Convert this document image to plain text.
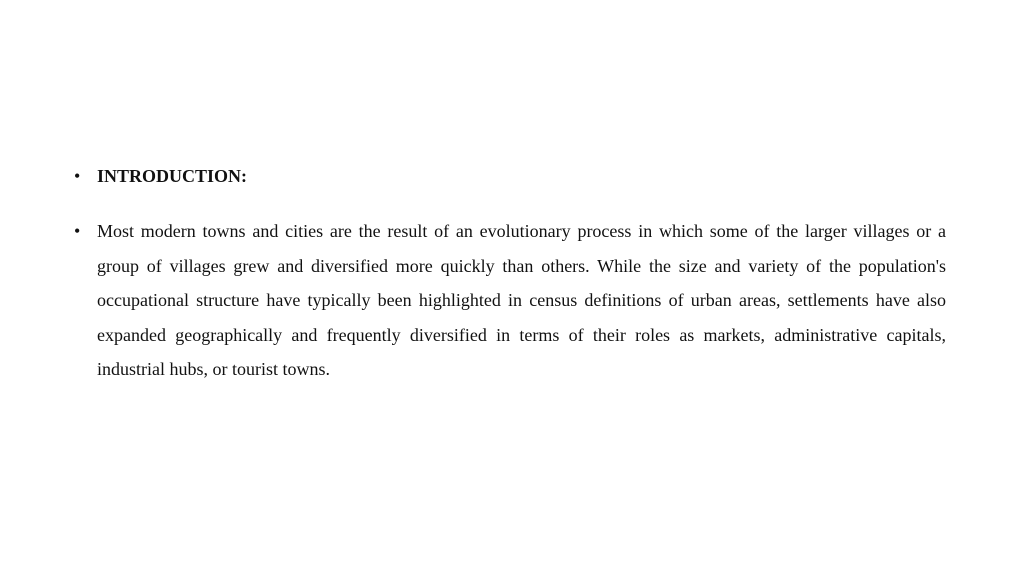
• INTRODUCTION:
• Most modern towns and cities are the result of an evolutionary process in which some of the larger villages or a group of villages grew and diversified more quickly than others. While the size and variety of the population's occupational structure have typically been highlighted in census definitions of urban areas, settlements have also expanded geographically and frequently diversified in terms of their roles as markets, administrative capitals, industrial hubs, or tourist towns.
